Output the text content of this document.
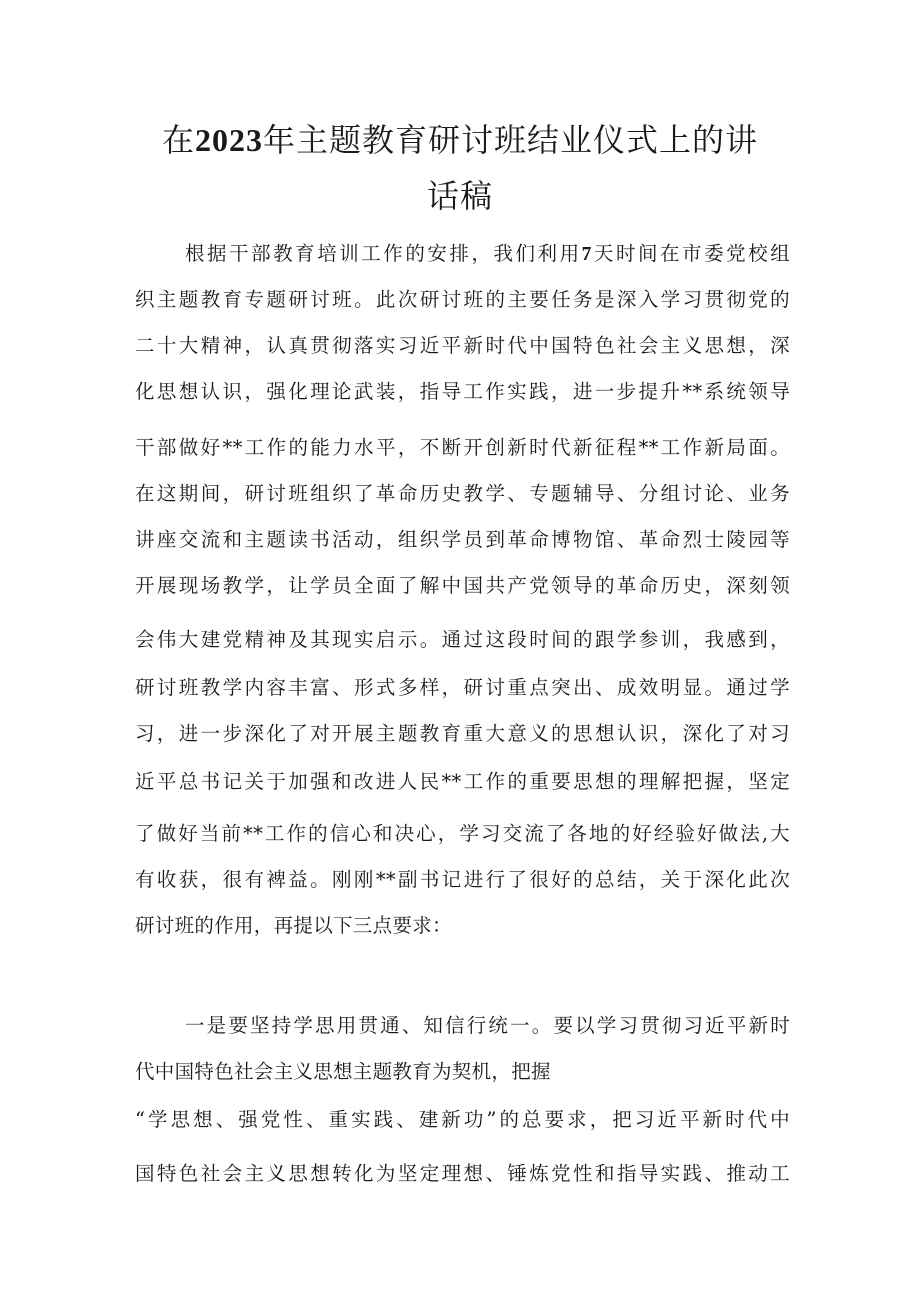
在2023年主题教育研讨班结业仪式上的讲
话稿
根据干部教育培训工作的安排，我们利用7天时间在市委党校组
织主题教育专题研讨班。此次研讨班的主要任务是深入学习贯彻党的
二十大精神，认真贯彻落实习近平新时代中国特色社会主义思想，深
化思想认识，强化理论武装，指导工作实践，进一步提升**系统领导
干部做好**工作的能力水平，不断开创新时代新征程**工作新局面。
在这期间，研讨班组织了革命历史教学、专题辅导、分组讨论、业务
讲座交流和主题读书活动，组织学员到革命博物馆、革命烈士陵园等
开展现场教学，让学员全面了解中国共产党领导的革命历史，深刻领
会伟大建党精神及其现实启示。通过这段时间的跟学参训，我感到，
研讨班教学内容丰富、形式多样，研讨重点突出、成效明显。通过学
习，进一步深化了对开展主题教育重大意义的思想认识，深化了对习
近平总书记关于加强和改进人民**工作的重要思想的理解把握，坚定
了做好当前**工作的信心和决心，学习交流了各地的好经验好做法,大
有收获，很有裨益。刚刚**副书记进行了很好的总结，关于深化此次
研讨班的作用，再提以下三点要求：
一是要坚持学思用贯通、知信行统一。要以学习贯彻习近平新时
代中国特色社会主义思想主题教育为契机，把握
“学思想、强党性、重实践、建新功”的总要求，把习近平新时代中
国特色社会主义思想转化为坚定理想、锤炼党性和指导实践、推动工
